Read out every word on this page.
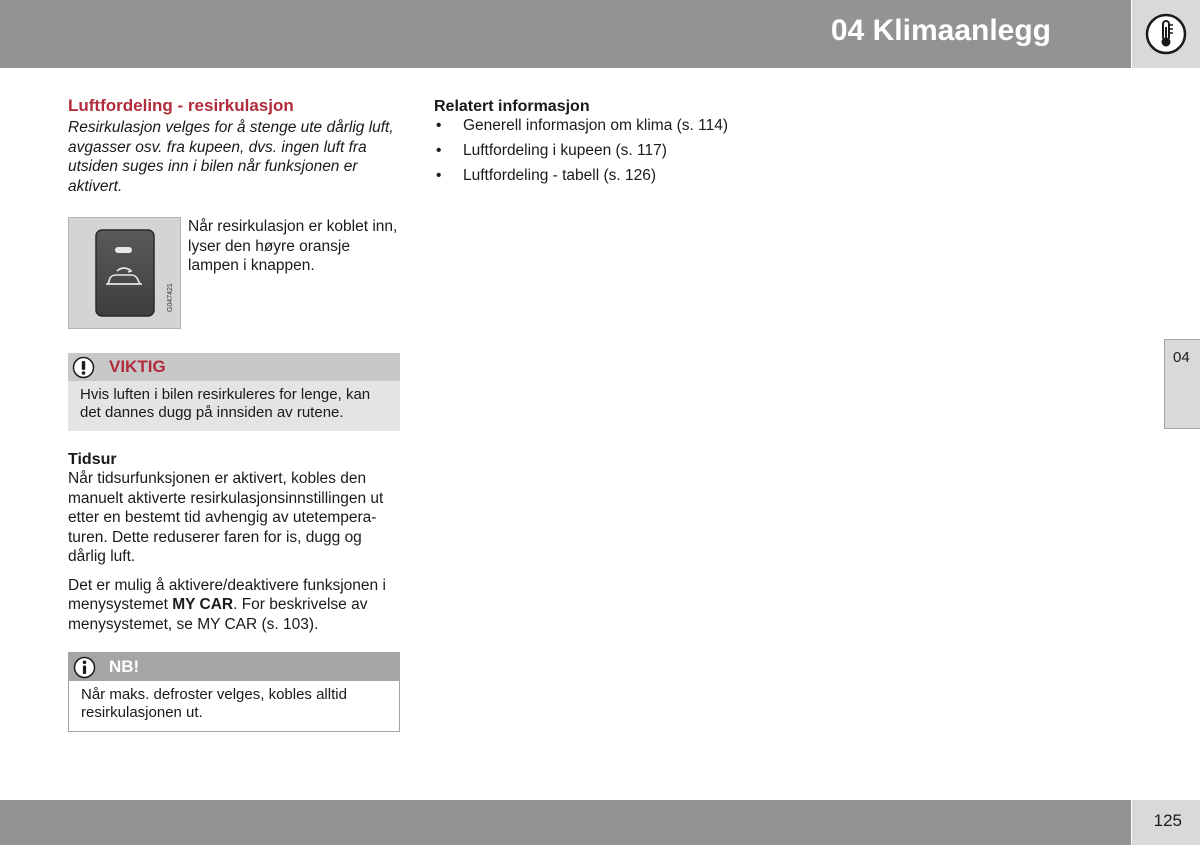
04 Klimaanlegg
04
Luftfordeling - resirkulasjon

Resirkulasjon velges for å stenge ute dårlig luft, avgasser osv. fra kupeen, dvs. ingen luft fra utsiden suges inn i bilen når funksjonen er aktivert.

G047421
Når resirkulasjon er koblet inn, lyser den høyre oransje lampen i knappen.
VIKTIG
Hvis luften i bilen resirkuleres for lenge, kan det dannes dugg på innsiden av rutene.
Tidsur

Når tidsurfunksjonen er aktivert, kobles den manuelt aktiverte resirkulasjonsinnstillingen ut etter en bestemt tid avhengig av utetemperaturen. Dette reduserer faren for is, dugg og dårlig luft.

Det er mulig å aktivere/deaktivere funksjonen i menysystemet MY CAR. For beskrivelse av menysystemet, se MY CAR (s. 103).

NB!
Når maks. defroster velges, kobles alltid resirkulasjonen ut.
Relatert informasjon
• Generell informasjon om klima (s. 114)
• Luftfordeling i kupeen (s. 117)
• Luftfordeling - tabell (s. 126)
125
